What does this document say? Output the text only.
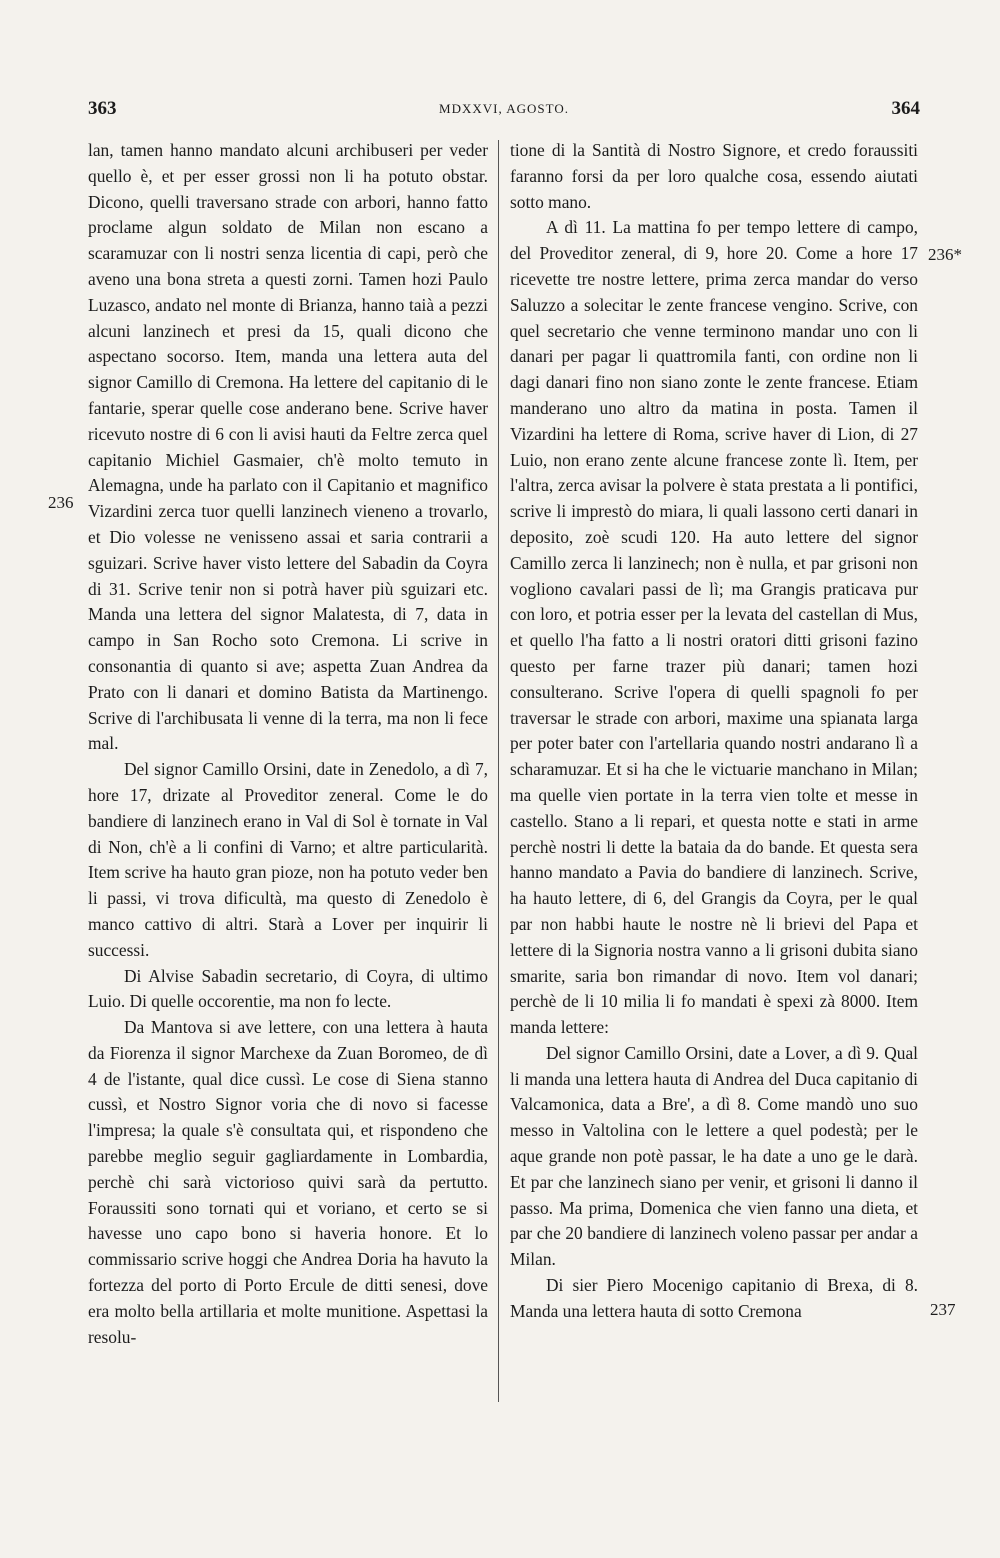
363	MDXXVI, AGOSTO.	364
236
236*
237

lan, tamen hanno mandato alcuni archibuseri per veder quello è, et per esser grossi non li ha potuto obstar. Dicono, quelli traversano strade con arbori, hanno fatto proclame algun soldato de Milan non escano a scaramuzar con li nostri senza licentia di capi, però che aveno una bona streta a questi zorni. Tamen hozi Paulo Luzasco, andato nel monte di Brianza, hanno taià a pezzi alcuni lanzinech et presi da 15, quali dicono che aspectano socorso. Item, manda una lettera auta del signor Camillo di Cremona. Ha lettere del capitanio di le fantarie, sperar quelle cose anderano bene. Scrive haver ricevuto nostre di 6 con li avisi hauti da Feltre zerca quel capitanio Michiel Gasmaier, ch'è molto temuto in Alemagna, unde ha parlato con il Capitanio et magnifico Vizardini zerca tuor quelli lanzinech vieneno a trovarlo, et Dio volesse ne venisseno assai et saria contrarii a sguizari. Scrive haver visto lettere del Sabadin da Coyra di 31. Scrive tenir non si potrà haver più sguizari etc. Manda una lettera del signor Malatesta, di 7, data in campo in San Rocho soto Cremona. Li scrive in consonantia di quanto si ave; aspetta Zuan Andrea da Prato con li danari et domino Batista da Martinengo. Scrive di l'archibusata li venne di la terra, ma non li fece mal.

Del signor Camillo Orsini, date in Zenedolo, a dì 7, hore 17, drizate al Proveditor zeneral. Come le do bandiere di lanzinech erano in Val di Sol è tornate in Val di Non, ch'è a li confini di Varno; et altre particularità. Item scrive ha hauto gran pioze, non ha potuto veder ben li passi, vi trova dificultà, ma questo di Zenedolo è manco cattivo di altri. Starà a Lover per inquirir li successi.

Di Alvise Sabadin secretario, di Coyra, di ultimo Luio. Di quelle occorentie, ma non fo lecte.

Da Mantova si ave lettere, con una lettera à hauta da Fiorenza il signor Marchexe da Zuan Boromeo, de dì 4 de l'istante, qual dice cussì. Le cose di Siena stanno cussì, et Nostro Signor voria che di novo si facesse l'impresa; la quale s'è consultata qui, et rispondeno che parebbe meglio seguir gagliardamente in Lombardia, perchè chi sarà victorioso quivi sarà da pertutto. Foraussiti sono tornati qui et voriano, et certo se si havesse uno capo bono si haveria honore. Et lo commissario scrive hoggi che Andrea Doria ha havuto la fortezza del porto di Porto Ercule de ditti senesi, dove era molto bella artillaria et molte munitione. Aspettasi la resolu-

tione di la Santità di Nostro Signore, et credo foraussiti faranno forsi da per loro qualche cosa, essendo aiutati sotto mano.

A dì 11. La mattina fo per tempo lettere di campo, del Proveditor zeneral, di 9, hore 20. Come a hore 17 ricevette tre nostre lettere, prima zerca mandar do verso Saluzzo a solecitar le zente francese vengino. Scrive, con quel secretario che venne terminono mandar uno con li danari per pagar li quattromila fanti, con ordine non li dagi danari fino non siano zonte le zente francese. Etiam manderano uno altro da matina in posta. Tamen il Vizardini ha lettere di Roma, scrive haver di Lion, di 27 Luio, non erano zente alcune francese zonte lì. Item, per l'altra, zerca avisar la polvere è stata prestata a li pontifici, scrive li imprestò do miara, li quali lassono certi danari in deposito, zoè scudi 120. Ha auto lettere del signor Camillo zerca li lanzinech; non è nulla, et par grisoni non vogliono cavalari passi de lì; ma Grangis praticava pur con loro, et potria esser per la levata del castellan di Mus, et quello l'ha fatto a li nostri oratori ditti grisoni fazino questo per farne trazer più danari; tamen hozi consulterano. Scrive l'opera di quelli spagnoli fo per traversar le strade con arbori, maxime una spianata larga per poter bater con l'artellaria quando nostri andarano lì a scharamuzar. Et si ha che le victuarie manchano in Milan; ma quelle vien portate in la terra vien tolte et messe in castello. Stano a li repari, et questa notte e stati in arme perchè nostri li dette la bataia da do bande. Et questa sera hanno mandato a Pavia do bandiere di lanzinech. Scrive, ha hauto lettere, di 6, del Grangis da Coyra, per le qual par non habbi haute le nostre nè li brievi del Papa et lettere di la Signoria nostra vanno a li grisoni dubita siano smarite, saria bon rimandar di novo. Item vol danari; perchè de li 10 milia li fo mandati è spexi zà 8000. Item manda lettere:

Del signor Camillo Orsini, date a Lover, a dì 9. Qual li manda una lettera hauta di Andrea del Duca capitanio di Valcamonica, data a Bre', a dì 8. Come mandò uno suo messo in Valtolina con le lettere a quel podestà; per le aque grande non potè passar, le ha date a uno ge le darà. Et par che lanzinech siano per venir, et grisoni li danno il passo. Ma prima, Domenica che vien fanno una dieta, et par che 20 bandiere di lanzinech voleno passar per andar a Milan.

Di sier Piero Mocenigo capitanio di Brexa, di 8. Manda una lettera hauta di sotto Cremona
